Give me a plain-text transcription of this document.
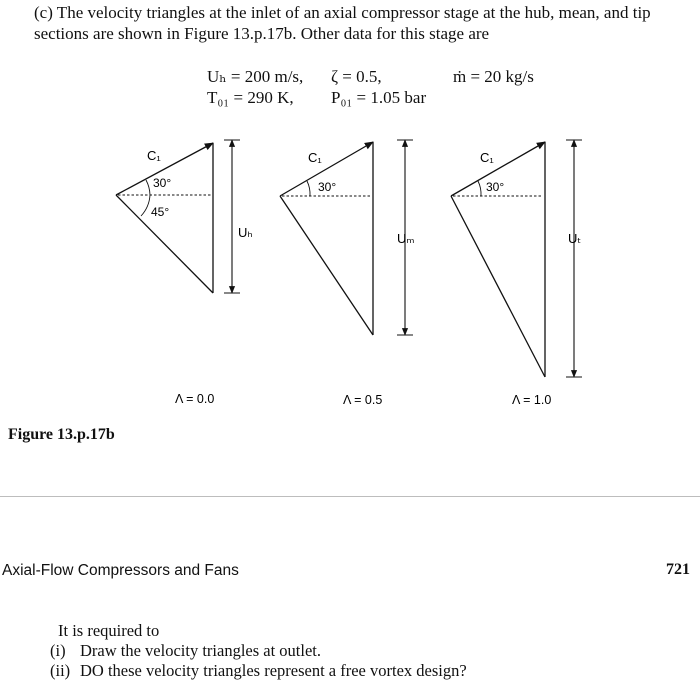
(c) The velocity triangles at the inlet of an axial compressor stage at the hub, mean, and tip sections are shown in Figure 13.p.17b. Other data for this stage are

Uₕ = 200 m/s, ζ = 0.5,	ṁ = 20 kg/s
T₀₁ = 290 K, P₀₁ = 1.05 bar
C₁
30°
45°
Uₕ
Λ = 0.0
C₁
30°
Uₘ
Λ = 0.5
C₁
30°
Uₜ
Λ = 1.0
Figure 13.p.17b
Axial-Flow Compressors and Fans	721
It is required to
(i) Draw the velocity triangles at outlet.
(ii) DO these velocity triangles represent a free vortex design?
